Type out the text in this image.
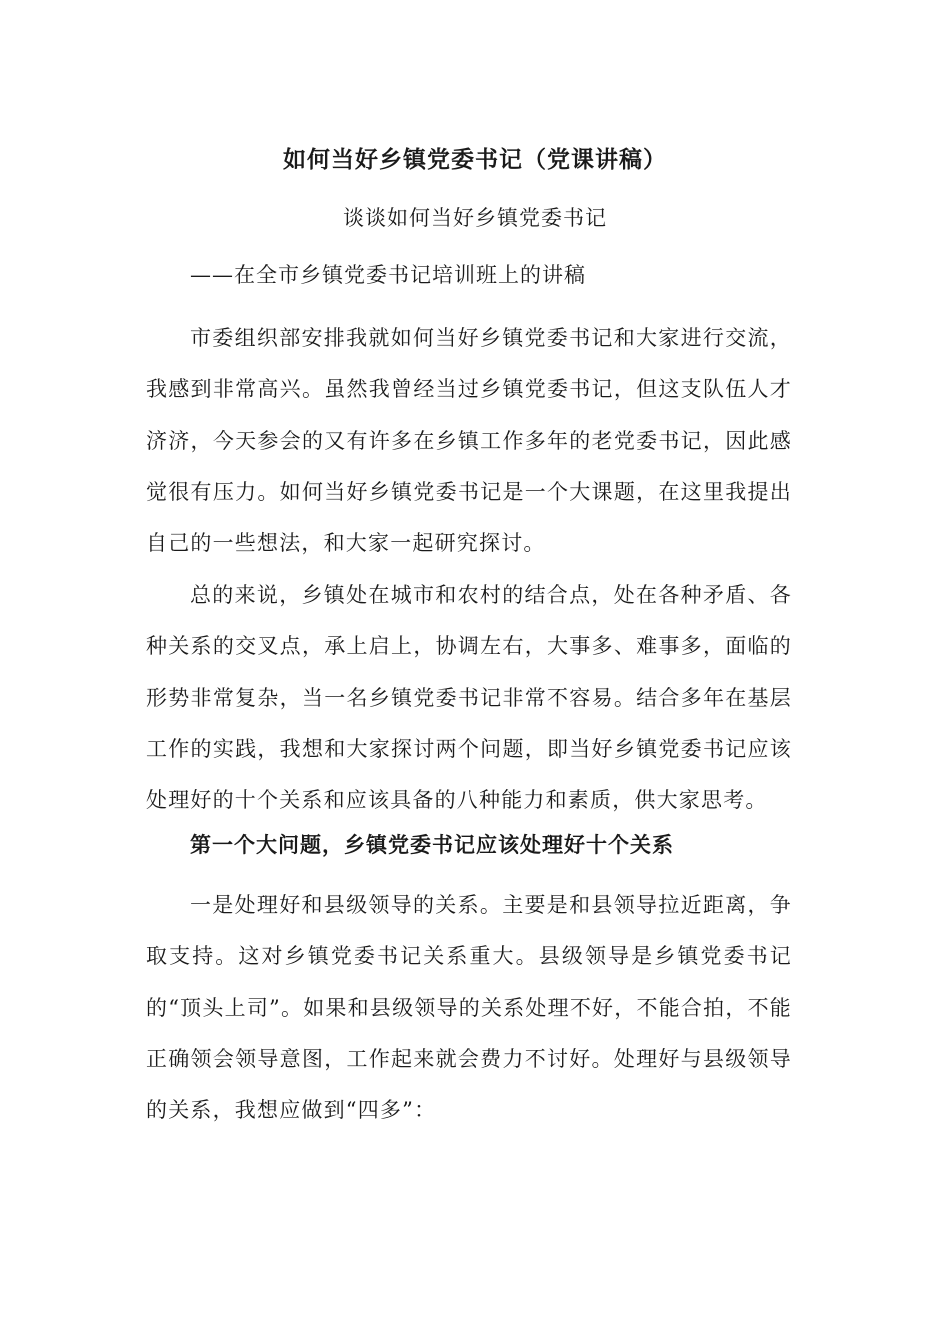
如何当好乡镇党委书记（党课讲稿）
谈谈如何当好乡镇党委书记
——在全市乡镇党委书记培训班上的讲稿

市委组织部安排我就如何当好乡镇党委书记和大家进行交流，我感到非常高兴。虽然我曾经当过乡镇党委书记，但这支队伍人才济济，今天参会的又有许多在乡镇工作多年的老党委书记，因此感觉很有压力。如何当好乡镇党委书记是一个大课题，在这里我提出自己的一些想法，和大家一起研究探讨。

总的来说，乡镇处在城市和农村的结合点，处在各种矛盾、各种关系的交叉点，承上启上，协调左右，大事多、难事多，面临的形势非常复杂，当一名乡镇党委书记非常不容易。结合多年在基层工作的实践，我想和大家探讨两个问题，即当好乡镇党委书记应该处理好的十个关系和应该具备的八种能力和素质，供大家思考。

第一个大问题，乡镇党委书记应该处理好十个关系

一是处理好和县级领导的关系。主要是和县领导拉近距离，争取支持。这对乡镇党委书记关系重大。县级领导是乡镇党委书记的“顶头上司”。如果和县级领导的关系处理不好，不能合拍，不能正确领会领导意图，工作起来就会费力不讨好。处理好与县级领导的关系，我想应做到“四多”：
